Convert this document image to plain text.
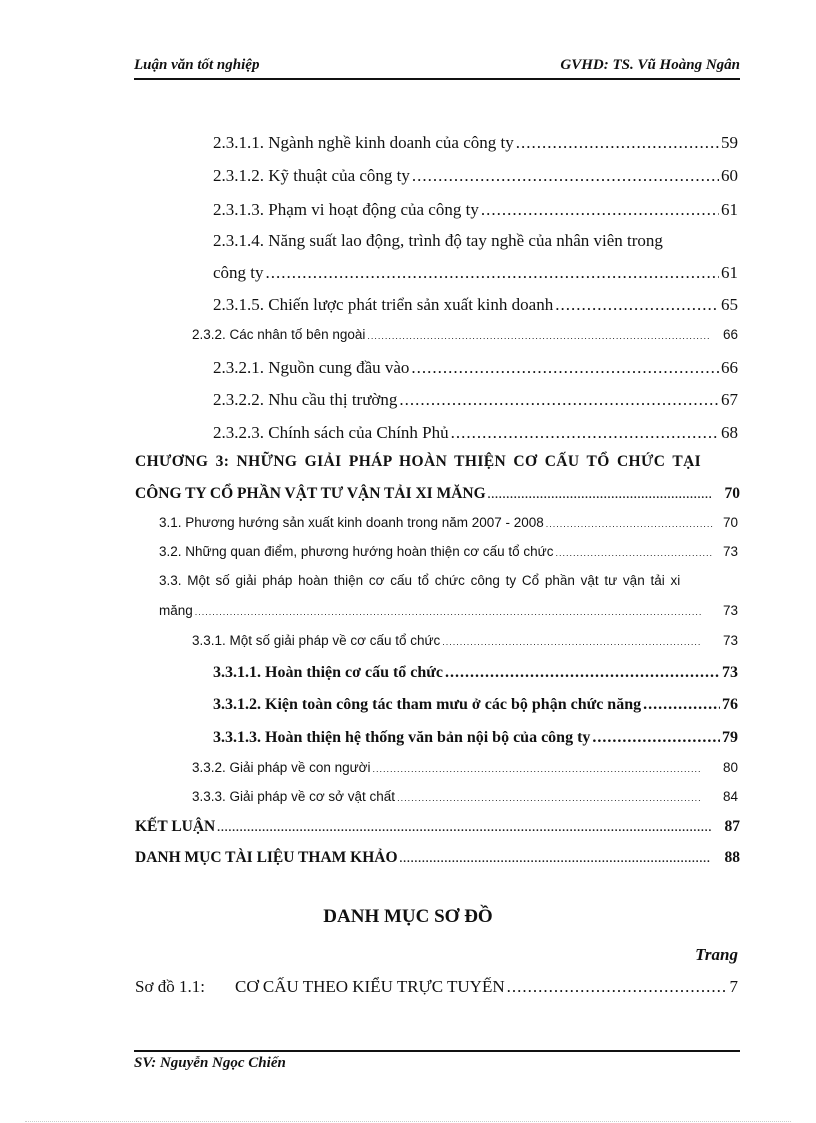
Luận văn tốt nghiệp	GVHD: TS. Vũ Hoàng Ngân
2.3.1.1. Ngành nghề kinh doanh của công ty .....	59
2.3.1.2. Kỹ thuật của công ty .....	60
2.3.1.3. Phạm vi hoạt động của công ty .....	61
2.3.1.4. Năng suất lao động, trình độ tay nghề của nhân viên trong
công ty .....	61
2.3.1.5. Chiến lược phát triển sản xuất kinh doanh .....	65
2.3.2. Các nhân tố bên ngoài .....	66
2.3.2.1. Nguồn cung đầu vào .....	66
2.3.2.2. Nhu cầu thị trường .....	67
2.3.2.3. Chính sách của Chính Phủ .....	68
CHƯƠNG 3: NHỮNG GIẢI PHÁP HOÀN THIỆN CƠ CẤU TỔ CHỨC TẠI
CÔNG TY CỔ PHẦN VẬT TƯ VẬN TẢI XI MĂNG .....	70
3.1. Phương hướng sản xuất kinh doanh trong năm 2007 - 2008 .....	70
3.2. Những quan điểm, phương hướng hoàn thiện cơ cấu tổ chức .....	73
3.3. Một số giải pháp hoàn thiện cơ cấu tổ chức công ty Cổ phần vật tư vận tải xi
măng .....	73
3.3.1. Một số giải pháp về cơ cấu tổ chức .....	73
3.3.1.1. Hoàn thiện cơ cấu tổ chức .....	73
3.3.1.2. Kiện toàn công tác tham mưu ở các bộ phận chức năng .....	76
3.3.1.3. Hoàn thiện hệ thống văn bản nội bộ của công ty .....	79
3.3.2. Giải pháp về con người .....	80
3.3.3. Giải pháp về cơ sở vật chất .....	84
KẾT LUẬN .....	87
DANH MỤC TÀI LIỆU THAM KHẢO .....	88
DANH MỤC SƠ ĐỒ
Trang
Sơ đồ 1.1:	CƠ CẤU THEO KIỂU TRỰC TUYẾN .....	7
SV: Nguyễn Ngọc Chiến
